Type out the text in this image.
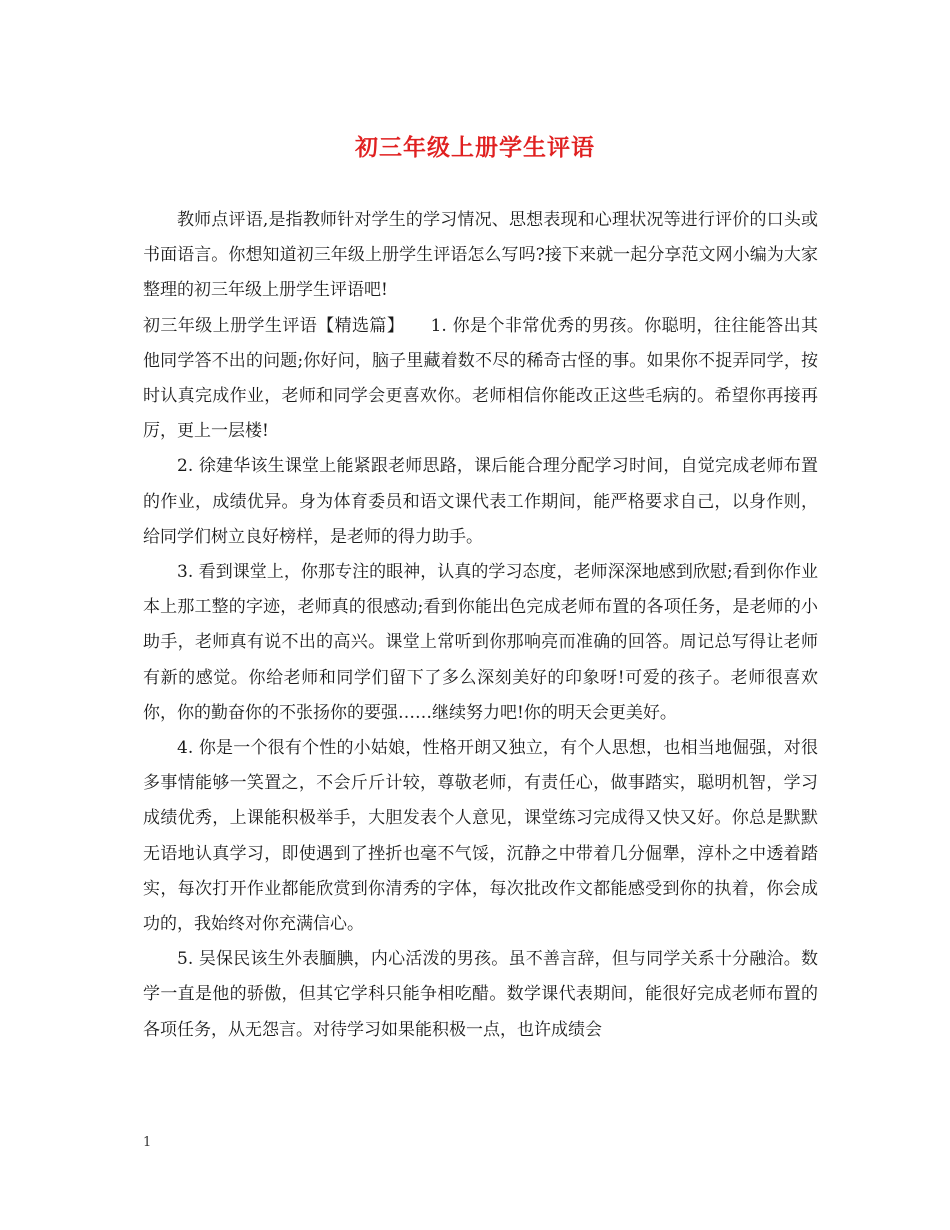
初三年级上册学生评语

教师点评语,是指教师针对学生的学习情况、思想表现和心理状况等进行评价的口头或书面语言。你想知道初三年级上册学生评语怎么写吗?接下来就一起分享范文网小编为大家整理的初三年级上册学生评语吧!

初三年级上册学生评语【精选篇】　　1. 你是个非常优秀的男孩。你聪明，往往能答出其他同学答不出的问题;你好问，脑子里藏着数不尽的稀奇古怪的事。如果你不捉弄同学，按时认真完成作业，老师和同学会更喜欢你。老师相信你能改正这些毛病的。希望你再接再厉，更上一层楼!

2. 徐建华该生课堂上能紧跟老师思路，课后能合理分配学习时间，自觉完成老师布置的作业，成绩优异。身为体育委员和语文课代表工作期间，能严格要求自己，以身作则，给同学们树立良好榜样，是老师的得力助手。

3. 看到课堂上，你那专注的眼神，认真的学习态度，老师深深地感到欣慰;看到你作业本上那工整的字迹，老师真的很感动;看到你能出色完成老师布置的各项任务，是老师的小助手，老师真有说不出的高兴。课堂上常听到你那响亮而准确的回答。周记总写得让老师有新的感觉。你给老师和同学们留下了多么深刻美好的印象呀!可爱的孩子。老师很喜欢你，你的勤奋你的不张扬你的要强……继续努力吧!你的明天会更美好。

4. 你是一个很有个性的小姑娘，性格开朗又独立，有个人思想，也相当地倔强，对很多事情能够一笑置之，不会斤斤计较，尊敬老师，有责任心，做事踏实，聪明机智，学习成绩优秀，上课能积极举手，大胆发表个人意见，课堂练习完成得又快又好。你总是默默无语地认真学习，即使遇到了挫折也毫不气馁，沉静之中带着几分倔犟，淳朴之中透着踏实，每次打开作业都能欣赏到你清秀的字体，每次批改作文都能感受到你的执着，你会成功的，我始终对你充满信心。

5. 吴保民该生外表腼腆，内心活泼的男孩。虽不善言辞，但与同学关系十分融洽。数学一直是他的骄傲，但其它学科只能争相吃醋。数学课代表期间，能很好完成老师布置的各项任务，从无怨言。对待学习如果能积极一点，也许成绩会

1
